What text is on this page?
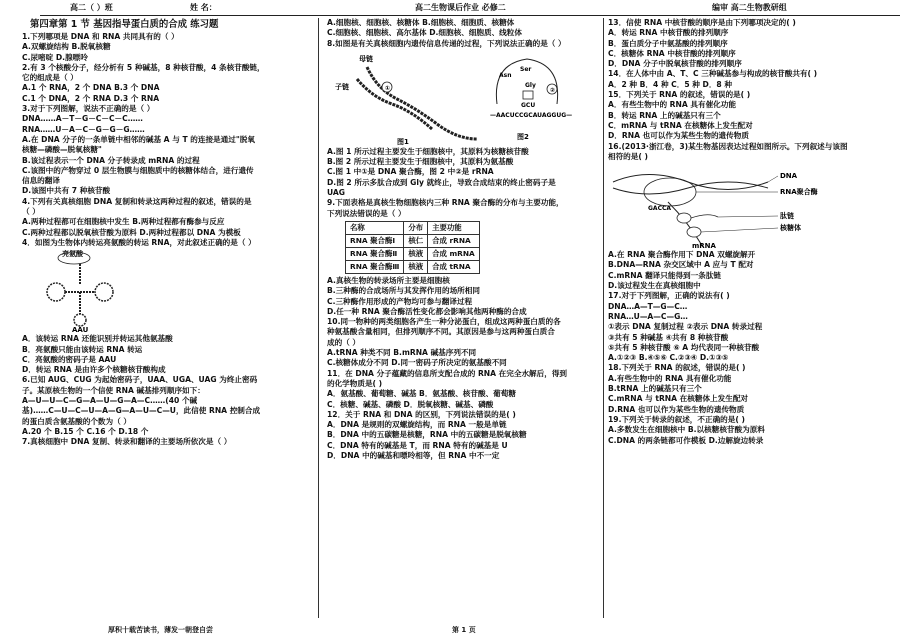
高二（ ）班	姓 名：	高二生物课后作业 必修二	编审 高二生物教研组
第四章第 1 节 基因指导蛋白质的合成 练习题
1.下列哪项是 DNA 和 RNA 共同具有的（ ）
A.双螺旋结构 B.脱氧核糖
C.尿嘧啶 D.腺嘌呤
2.有 3 个核酸分子，经分析有 5 种碱基，8 种核苷酸，4 条核苷酸链，
它的组成是（ ）
A.1 个 RNA，2 个 DNA B.3 个 DNA
C.1 个 DNA，2 个 RNA D.3 个 RNA
3.对于下列图解，说法不正确的是（ ）
DNA……A－T－G－C－C－C……
RNA……U－A－C－G－G－G……
A.在 DNA 分子的一条单链中相邻的碱基 A 与 T 的连接是通过"脱氧
核糖—磷酸—脱氧核糖"
B.该过程表示一个 DNA 分子转录成 mRNA 的过程
C.该图中的产物穿过 0 层生物膜与细胞质中的核糖体结合，进行遗传
信息的翻译
D.该图中共有 7 种核苷酸
4.下列有关真核细胞 DNA 复制和转录这两种过程的叙述，错误的是
（ ）
A.两种过程都可在细胞核中发生 B.两种过程都有酶参与反应
C.两种过程都以脱氧核苷酸为原料 D.两种过程都以 DNA 为模板
4．如图为生物体内转运亮氨酸的转运 RNA，对此叙述正确的是（ ）
亮氨酸
AAU
A．该转运 RNA 还能识别并转运其他氨基酸
B．亮氨酸只能由该转运 RNA 转运
C．亮氨酸的密码子是 AAU
D．转运 RNA 是由许多个核糖核苷酸构成
6.已知 AUG、CUG 为起始密码子，UAA、UGA、UAG 为终止密码
子。某原核生物的一个信使 RNA 碱基排列顺序如下：
A—U—U—C—G—A—U—G—A—C……(40 个碱
基)……C—U—C—U—A—G—A—U—C—U，此信使 RNA 控制合成
的蛋白质含氨基酸的个数为（ ）
A.20 个 B.15 个 C.16 个 D.18 个
7.真核细胞中 DNA 复制、转录和翻译的主要场所依次是（ ）
A.细胞核、细胞核、核糖体 B.细胞核、细胞质、核糖体
C.细胞核、细胞核、高尔基体 D.细胞核、细胞质、线粒体
8.如图是有关真核细胞内遗传信息传递的过程，下列说法正确的是（ ）
母链
子链	①
Asn
Ser
Gly
GCU
—AACUCCGCAUAGGUG—
②
图1
图2
A.图 1 所示过程主要发生于细胞核中，其原料为核糖核苷酸
B.图 2 所示过程主要发生于细胞核中，其原料为氨基酸
C.图 1 中①是 DNA 聚合酶，图 2 中②是 rRNA
D.图 2 所示多肽合成到 Gly 就终止，导致合成结束的终止密码子是
UAG
9.下面表格是真核生物细胞核内三种 RNA 聚合酶的分布与主要功能，
下列说法错误的是（ ）
名称	分布	主要功能
RNA 聚合酶Ⅰ	核仁	合成 rRNA
RNA 聚合酶Ⅱ	核液	合成 mRNA
RNA 聚合酶Ⅲ	核液	合成 tRNA
A.真核生物的转录场所主要是细胞核
B.三种酶的合成场所与其发挥作用的场所相同
C.三种酶作用形成的产物均可参与翻译过程
D.任一种 RNA 聚合酶活性变化都会影响其他两种酶的合成
10.同一物种的两类细胞各产生一种分泌蛋白，组成这两种蛋白质的各
种氨基酸含量相同，但排列顺序不同。其原因是参与这两种蛋白质合
成的（ ）
A.tRNA 种类不同 B.mRNA 碱基序列不同
C.核糖体成分不同 D.同一密码子所决定的氨基酸不同
11．在 DNA 分子蕴藏的信息所支配合成的 RNA 在完全水解后，得到
的化学物质是( )
A．氨基酸、葡萄糖、碱基 B．氨基酸、核苷酸、葡萄糖
C．核糖、碱基、磷酸 D．脱氧核糖、碱基、磷酸
12．关于 RNA 和 DNA 的区别，下列说法错误的是( )
A．DNA 是规则的双螺旋结构，而 RNA 一般是单链
B．DNA 中的五碳糖是核糖，RNA 中的五碳糖是脱氧核糖
C．DNA 特有的碱基是 T，而 RNA 特有的碱基是 U
D．DNA 中的碱基和嘌呤相等，但 RNA 中不一定
13．信使 RNA 中核苷酸的顺序是由下列哪项决定的( )
A．转运 RNA 中核苷酸的排列顺序
B．蛋白质分子中氨基酸的排列顺序
C．核糖体 RNA 中核苷酸的排列顺序
D．DNA 分子中脱氧核苷酸的排列顺序
14．在人体中由 A、T、C 三种碱基参与构成的核苷酸共有( )
A．2 种 B．4 种 C．5 种 D．8 种
15．下列关于 RNA 的叙述，错误的是( )
A．有些生物中的 RNA 具有催化功能
B．转运 RNA 上的碱基只有三个
C．mRNA 与 tRNA 在核糖体上发生配对
D．RNA 也可以作为某些生物的遗传物质
16.(2013·浙江卷，3)某生物基因表达过程如图所示。下列叙述与该图
相符的是( )
GACCA
DNA
RNA聚合酶
肽链
核糖体
mRNA
A.在 RNA 聚合酶作用下 DNA 双螺旋解开
B.DNA—RNA 杂交区域中 A 应与 T 配对
C.mRNA 翻译只能得到一条肽链
D.该过程发生在真核细胞中
17.对于下列图解，正确的说法有( )
DNA…A—T—G—C…
RNA…U—A—C—G…
①表示 DNA 复制过程 ②表示 DNA 转录过程
③共有 5 种碱基 ④共有 8 种核苷酸
⑤共有 5 种核苷酸 ⑥ A 均代表同一种核苷酸
A.①②③ B.④⑤⑥ C.②③④ D.①③⑤
18.下列关于 RNA 的叙述，错误的是( )
A.有些生物中的 RNA 具有催化功能
B.tRNA 上的碱基只有三个
C.mRNA 与 tRNA 在核糖体上发生配对
D.RNA 也可以作为某些生物的遗传物质
19.下列关于转录的叙述，不正确的是( )
A.多数发生在细胞核中 B.以核糖核苷酸为原料
C.DNA 的两条链都可作模板 D.边解旋边转录
厚积十载苦读书，薄发一朝登自尝	第 1 页
